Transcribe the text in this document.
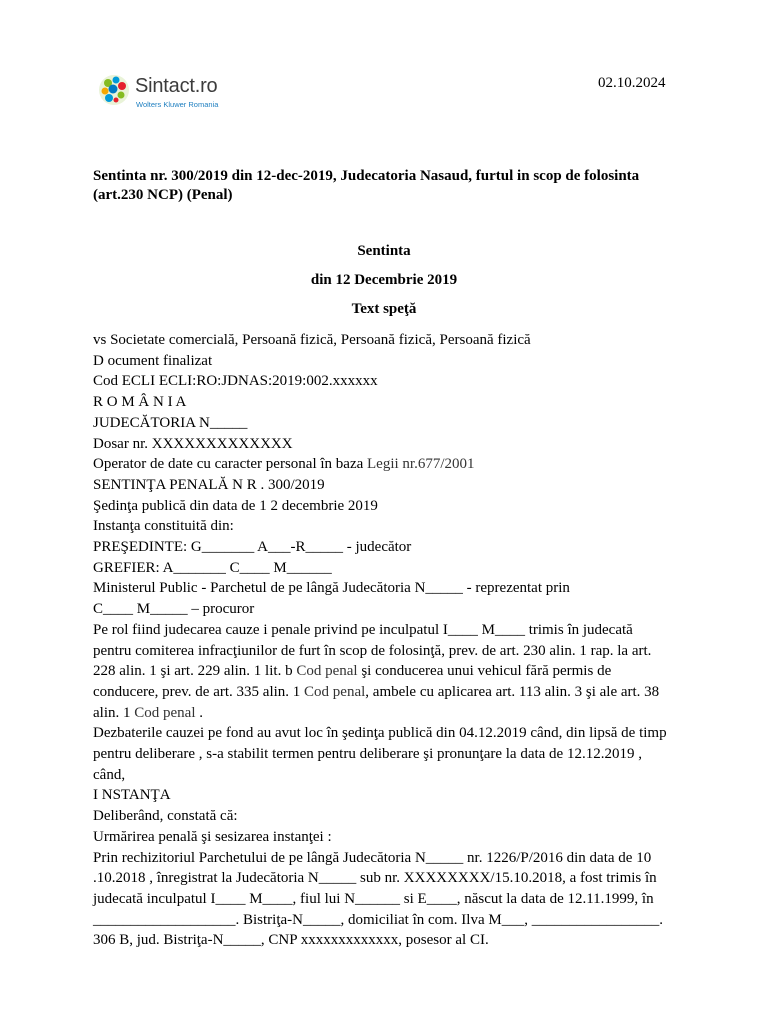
Sintact.ro
Wolters Kluwer Romania
02.10.2024
Sentinta nr. 300/2019 din 12-dec-2019, Judecatoria Nasaud, furtul in scop de folosinta (art.230 NCP) (Penal)
Sentinta
din 12 Decembrie 2019
Text speţă

vs Societate comercială, Persoană fizică, Persoană fizică, Persoană fizică

D ocument finalizat

Cod ECLI ECLI:RO:JDNAS:2019:002.xxxxxx

R O M Â N I A

JUDECĂTORIA N_____

Dosar nr. XXXXXXXXXXXXX

Operator de date cu caracter personal în baza Legii nr.677/2001

SENTINŢA PENALĂ N R . 300/2019

Şedinţa publică din data de 1 2 decembrie 2019

Instanţa constituită din:

PREŞEDINTE: G_______ A___-R_____ - judecător

GREFIER: A_______ C____ M______

Ministerul Public - Parchetul de pe lângă Judecătoria N_____ - reprezentat prin

C____ M_____ – procuror

Pe rol fiind judecarea cauze i penale privind pe inculpatul I____ M____ trimis în judecată pentru comiterea infracţiunilor de furt în scop de folosinţă, prev. de art. 230 alin. 1 rap. la art. 228 alin. 1 şi art. 229 alin. 1 lit. b Cod penal şi conducerea unui vehicul fără permis de conducere, prev. de art. 335 alin. 1 Cod penal, ambele cu aplicarea art. 113 alin. 3 şi ale art. 38 alin. 1 Cod penal .

Dezbaterile cauzei pe fond au avut loc în şedinţa publică din 04.12.2019 când, din lipsă de timp pentru deliberare , s-a stabilit termen pentru deliberare şi pronunţare la data de 12.12.2019 , când,

I NSTANŢA

Deliberând, constată că:

Urmărirea penală şi sesizarea instanţei :

Prin rechizitoriul Parchetului de pe lângă Judecătoria N_____ nr. 1226/P/2016 din data de 10 .10.2018 , înregistrat la Judecătoria N_____ sub nr. XXXXXXXX/15.10.2018, a fost trimis în judecată inculpatul I____ M____, fiul lui N______ si E____, născut la data de 12.11.1999, în ___________________. Bistriţa-N_____, domiciliat în com. Ilva M___, _________________. 306 B, jud. Bistriţa-N_____, CNP xxxxxxxxxxxxx, posesor al CI.
